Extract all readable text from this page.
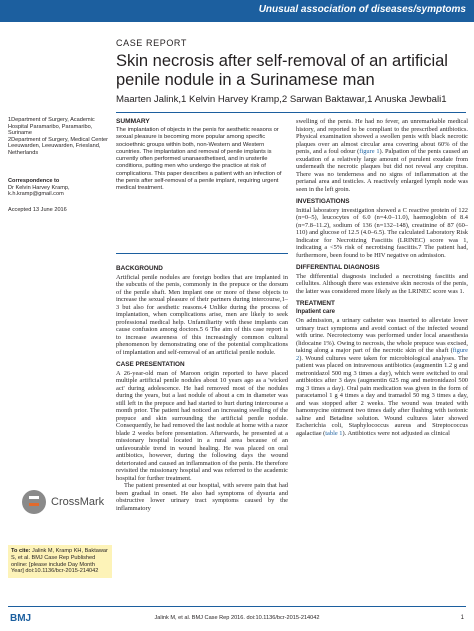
Unusual association of diseases/symptoms
CASE REPORT
Skin necrosis after self-removal of an artificial penile nodule in a Surinamese man
Maarten Jalink,1 Kelvin Harvey Kramp,2 Sarwan Baktawar,1 Anuska Jewbali1

1Department of Surgery, Academic Hospital Paramaribo, Paramaribo, Suriname
2Department of Surgery, Medical Center Leeuwarden, Leeuwarden, Friesland, Netherlands

Correspondence to

Dr Kelvin Harvey Kramp, k.h.kramp@gmail.com

Accepted 13 June 2016

SUMMARY

The implantation of objects in the penis for aesthetic reasons or sexual pleasure is becoming more popular among specific socioethnic groups within both, non-Western and Western countries. The implantation and removal of penile implants is currently often performed unanaesthetised, and in unsterile conditions, putting men who undergo the practice at risk of complications. This paper describes a patient with an infection of the penis after self-removal of a penile implant, requiring urgent medical treatment.

BACKGROUND

Artificial penile nodules are foreign bodies that are implanted in the subcutis of the penis, commonly in the prepuce or the dorsum of the penile shaft. Men implant one or more of these objects to increase the sexual pleasure of their partners during intercourse,1–3 but also for aesthetic reasons.4 Unlike during the process of implantation, when complications arise, men are likely to seek professional medical help. Unfamiliarity with these implants can cause confusion among doctors.5 6 The aim of this case report is to increase awareness of this increasingly common cultural phenomenon by demonstrating one of the potential complications of implantation and self-removal of an artificial penile nodule.

CASE PRESENTATION

A 26-year-old man of Maroon origin reported to have placed multiple artificial penile nodules about 10 years ago as a 'wicked act' during adolescence. He had removed most of the nodules during the years, but a last nodule of about a cm in diameter was still left in the prepuce and had started to hurt during intercourse a month prior. The patient had noticed an increasing swelling of the prepuce and skin surrounding the artificial penile nodule. Consequently, he had removed the last nodule at home with a razor blade 2 weeks before presentation. Afterwards, he presented at a missionary hospital located in a rural area because of an unfavourable trend in wound healing. He was placed on oral antibiotics, however, during the following days the wound deteriorated and caused an inflammation of the penis. He therefore revisited the missionary hospital and was referred to the academic hospital for further treatment.

The patient presented at our hospital, with severe pain that had been gradual in onset. He also had symptoms of dysuria and obstructive lower urinary tract symptoms caused by the inflammatory

swelling of the penis. He had no fever, an unremarkable medical history, and reported to be compliant to the prescribed antibiotics. Physical examination showed a swollen penis with black necrotic plaques over an almost circular area covering about 60% of the penis, and a foul odour (figure 1). Palpation of the penis caused an exudation of a relatively large amount of purulent exudate from underneath the necrotic plaques but did not reveal any crepitus. There was no tenderness and no signs of inflammation at the perianal area and testicles. A reactively enlarged lymph node was seen in the left groin.

INVESTIGATIONS

Initial laboratory investigation showed a C reactive protein of 122 (n=0–5), leucocytes of 6.0 (n=4.0–11.0), haemoglobin of 8.4 (n=7.8–11.2), sodium of 136 (n=132–148), creatinine of 87 (60–110) and glucose of 12.5 (4.0–6.5). The calculated Laboratory Risk Indicator for Necrotizing Fasciitis (LRINEC) score was 1, indicating a <5% risk of necrotising fasciitis.7 The patient had, furthermore, been found to be HIV negative on admission.

DIFFERENTIAL DIAGNOSIS

The differential diagnosis included a necrotising fasciitis and cellulites. Although there was extensive skin necrosis of the penis, the latter was considered more likely as the LRINEC score was 1.

TREATMENT

Inpatient care

On admission, a urinary catheter was inserted to alleviate lower urinary tract symptoms and avoid contact of the infected wound with urine. Necrotectomy was performed under local anaesthesia (lidocaine 1%). Owing to necrosis, the whole prepuce was excised, taking along a major part of the necrotic skin of the shaft (figure 2). Wound cultures were taken for microbiological analyses. The patient was placed on intravenous antibiotics (augmentin 1.2 g and metronidazol 500 mg 3 times a day), which were switched to oral antibiotics after 3 days (augmentin 625 mg and metronidazol 500 mg 3 times a day). Oral pain medication was given in the form of paracetamol 1 g 4 times a day and tramadol 50 mg 3 times a day, and was stopped after 2 weeks. The wound was treated with hamomycine ointment two times daily after flushing with isotonic saline and Betadine solution. Wound cultures later showed Escherichia coli, Staphylococcus aureus and Streptococcus agalactiae (table 1). Antibiotics were not adjusted as clinical

CrossMark
To cite: Jalink M, Kramp KH, Baktawar S, et al. BMJ Case Rep Published online: [please include Day Month Year] doi:10.1136/bcr-2015-214042
BMJ	Jalink M, et al. BMJ Case Rep 2016. doi:10.1136/bcr-2015-214042	1
